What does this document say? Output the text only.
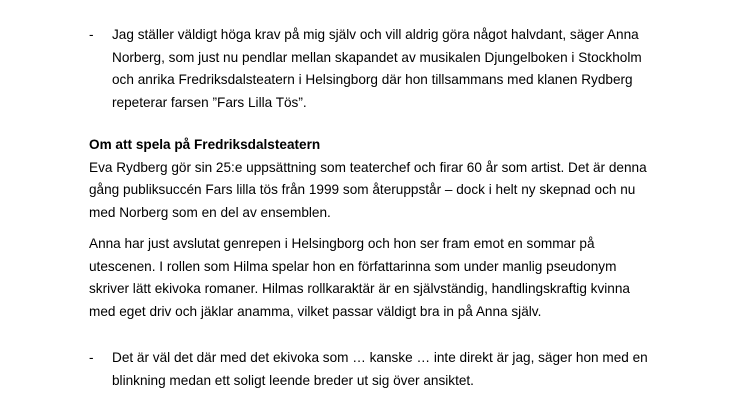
-	Jag ställer väldigt höga krav på mig själv och vill aldrig göra något halvdant, säger Anna
Norberg, som just nu pendlar mellan skapandet av musikalen Djungelboken i Stockholm
och anrika Fredriksdalsteatern i Helsingborg där hon tillsammans med klanen Rydberg
repeterar farsen ”Fars Lilla Tös”.
Om att spela på Fredriksdalsteatern
Eva Rydberg gör sin 25:e uppsättning som teaterchef och firar 60 år som artist. Det är denna
gång publiksuccén Fars lilla tös från 1999 som återuppstår – dock i helt ny skepnad och nu
med Norberg som en del av ensemblen.
Anna har just avslutat genrepen i Helsingborg och hon ser fram emot en sommar på
utescenen. I rollen som Hilma spelar hon en författarinna som under manlig pseudonym
skriver lätt ekivoka romaner. Hilmas rollkaraktär är en självständig, handlingskraftig kvinna
med eget driv och jäklar anamma, vilket passar väldigt bra in på Anna själv.
-	Det är väl det där med det ekivoka som … kanske … inte direkt är jag, säger hon med en
blinkning medan ett soligt leende breder ut sig över ansiktet.
